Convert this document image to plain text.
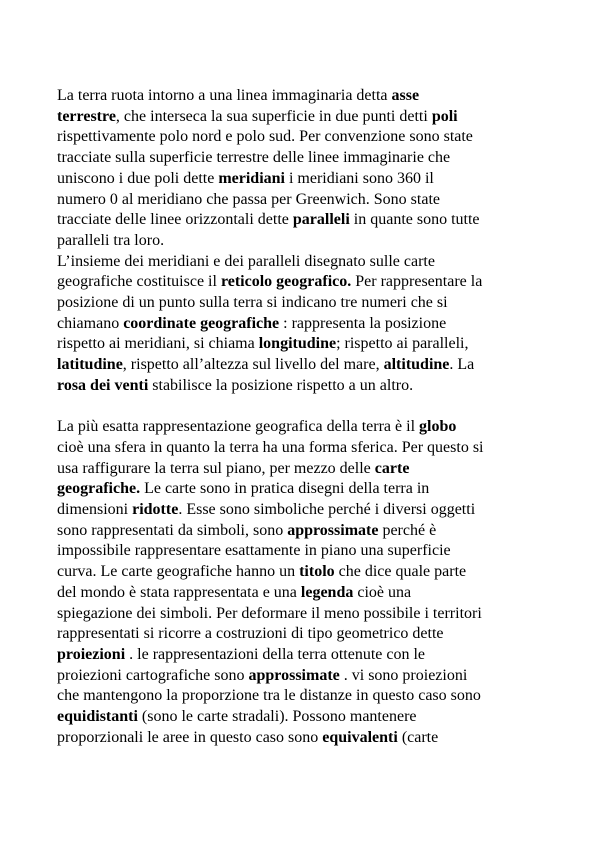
La terra ruota intorno a una linea immaginaria detta asse
terrestre, che interseca la sua superficie in due punti detti poli
rispettivamente polo nord e polo sud. Per convenzione sono state
tracciate sulla superficie terrestre delle linee immaginarie che
uniscono i due poli dette meridiani i meridiani sono 360 il
numero 0 al meridiano che passa per Greenwich. Sono state
tracciate delle linee orizzontali dette paralleli in quante sono tutte
paralleli tra loro.

L’insieme dei meridiani e dei paralleli disegnato sulle carte
geografiche costituisce il reticolo geografico. Per rappresentare la
posizione di un punto sulla terra si indicano tre numeri che si
chiamano coordinate geografiche : rappresenta la posizione
rispetto ai meridiani, si chiama longitudine; rispetto ai paralleli,
latitudine, rispetto all’altezza sul livello del mare, altitudine. La
rosa dei venti stabilisce la posizione rispetto a un altro.

La più esatta rappresentazione geografica della terra è il globo
cioè una sfera in quanto la terra ha una forma sferica. Per questo si
usa raffigurare la terra sul piano, per mezzo delle carte
geografiche. Le carte sono in pratica disegni della terra in
dimensioni ridotte. Esse sono simboliche perché i diversi oggetti
sono rappresentati da simboli, sono approssimate perché è
impossibile rappresentare esattamente in piano una superficie
curva. Le carte geografiche hanno un titolo che dice quale parte
del mondo è stata rappresentata e una legenda cioè una
spiegazione dei simboli. Per deformare il meno possibile i territori
rappresentati si ricorre a costruzioni di tipo geometrico dette
proiezioni . le rappresentazioni della terra ottenute con le
proiezioni cartografiche sono approssimate . vi sono proiezioni
che mantengono la proporzione tra le distanze in questo caso sono
equidistanti (sono le carte stradali). Possono mantenere
proporzionali le aree in questo caso sono equivalenti (carte
